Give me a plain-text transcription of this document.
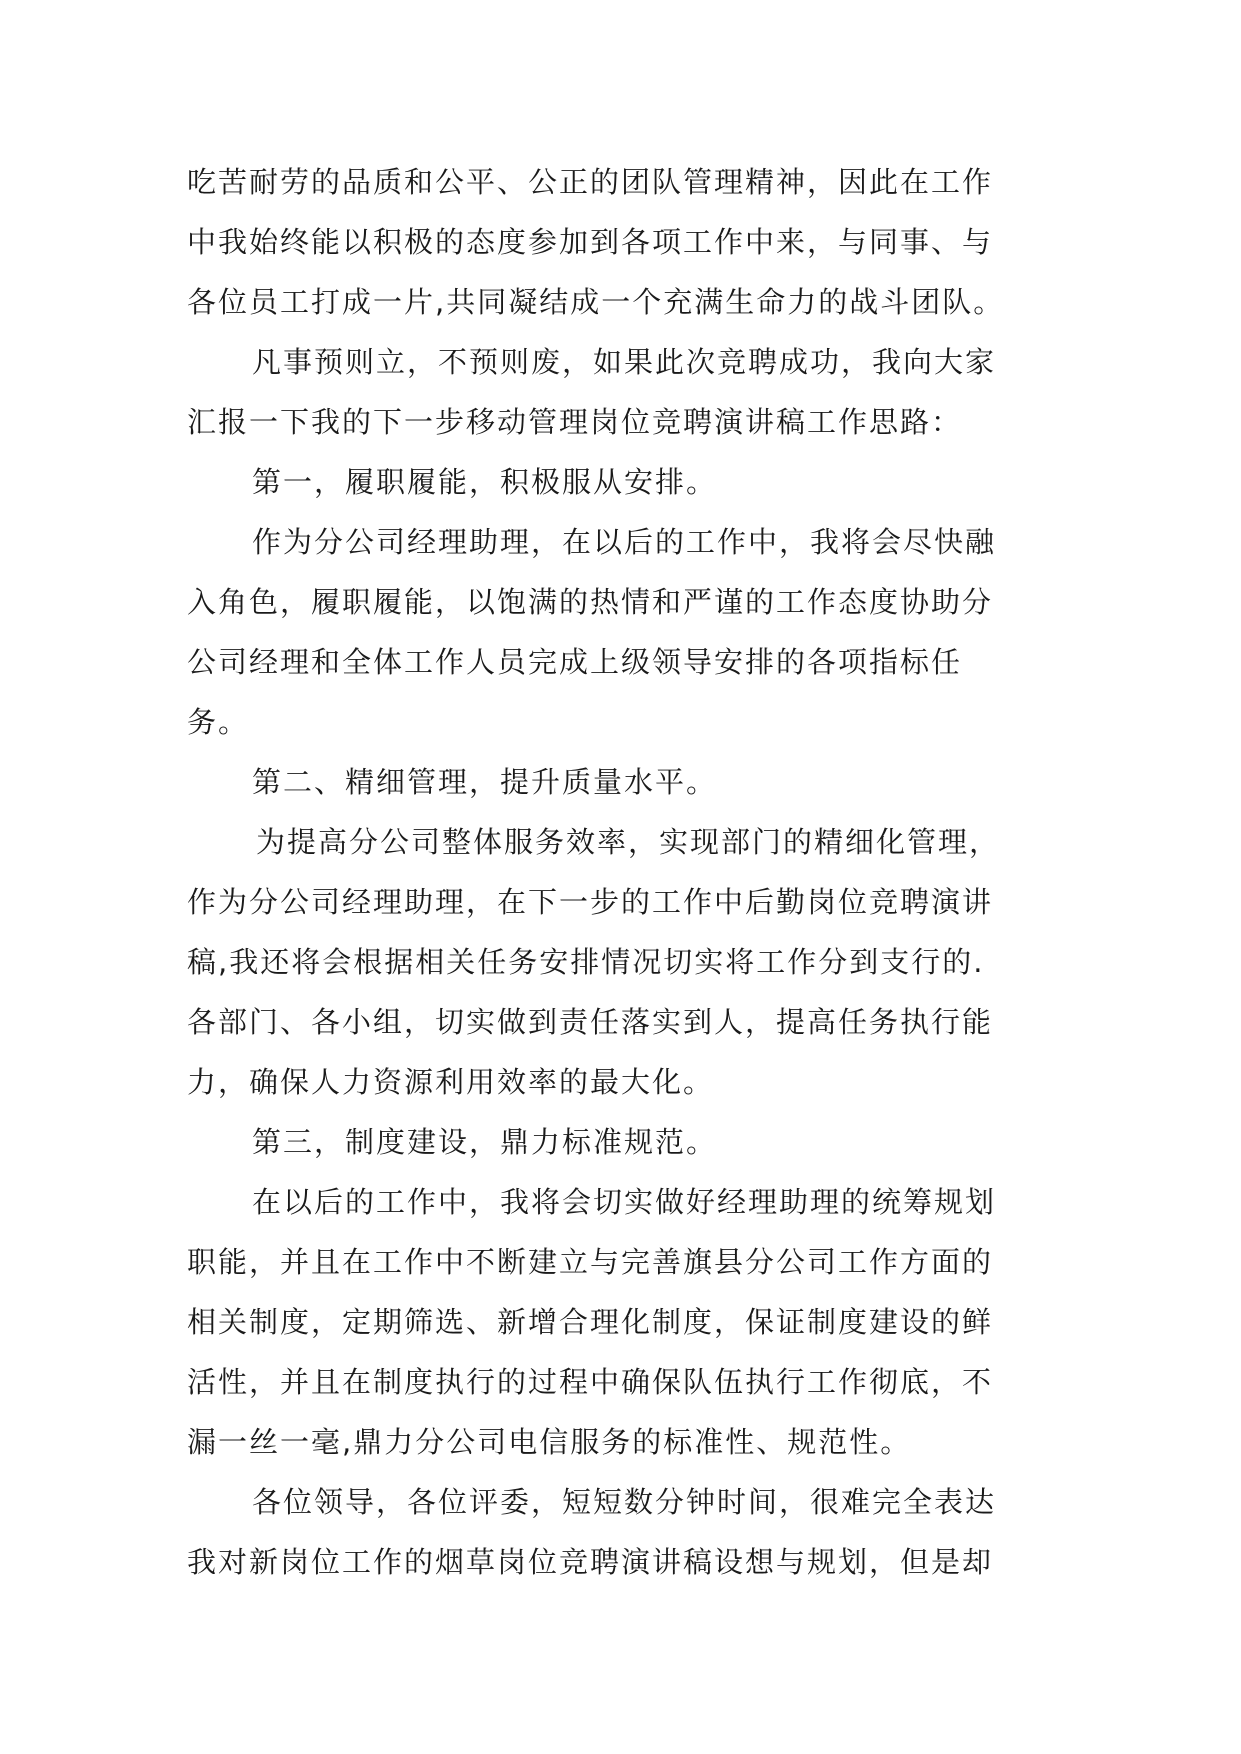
吃苦耐劳的品质和公平、公正的团队管理精神，因此在工作
中我始终能以积极的态度参加到各项工作中来，与同事、与
各位员工打成一片,共同凝结成一个充满生命力的战斗团队。
凡事预则立，不预则废，如果此次竞聘成功，我向大家
汇报一下我的下一步移动管理岗位竞聘演讲稿工作思路：
第一，履职履能，积极服从安排。
作为分公司经理助理，在以后的工作中，我将会尽快融
入角色，履职履能，以饱满的热情和严谨的工作态度协助分
公司经理和全体工作人员完成上级领导安排的各项指标任
务。
第二、精细管理，提升质量水平。
为提高分公司整体服务效率，实现部门的精细化管理，
作为分公司经理助理，在下一步的工作中后勤岗位竞聘演讲
稿,我还将会根据相关任务安排情况切实将工作分到支行的.
各部门、各小组，切实做到责任落实到人，提高任务执行能
力，确保人力资源利用效率的最大化。
第三，制度建设，鼎力标准规范。
在以后的工作中，我将会切实做好经理助理的统筹规划
职能，并且在工作中不断建立与完善旗县分公司工作方面的
相关制度，定期筛选、新增合理化制度，保证制度建设的鲜
活性，并且在制度执行的过程中确保队伍执行工作彻底，不
漏一丝一毫,鼎力分公司电信服务的标准性、规范性。
各位领导，各位评委，短短数分钟时间，很难完全表达
我对新岗位工作的烟草岗位竞聘演讲稿设想与规划，但是却
